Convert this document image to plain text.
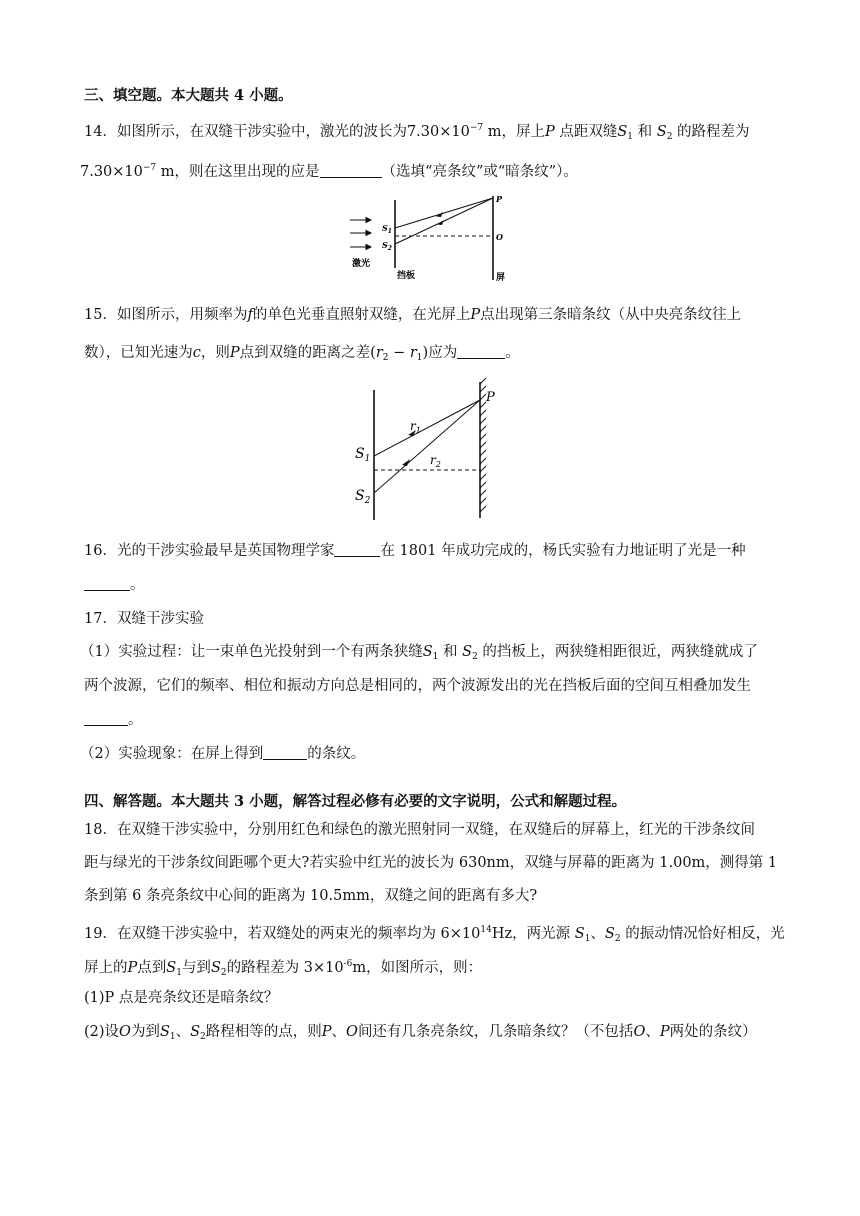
三、填空题。本大题共 4 小题。
14．如图所示，在双缝干涉实验中，激光的波长为$7.30\times 10^{-7}$ m，屏上P 点距双缝$S_1$ 和 $S_2$ 的路程差为
$7.30\times 10^{-7}$ m，则在这里出现的应是	（选填“亮条纹”或“暗条纹”）。
$S_1$
$S_2$
P
O
激光
挡板	屏
15．如图所示，用频率为f的单色光垂直照射双缝，在光屏上P点出现第三条暗条纹（从中央亮条纹往上
数），已知光速为c，则P点到双缝的距离之差$(r_2 - r_1)$应为	。
$S_1$
$S_2$
P
$r_1$
$r_2$
16．光的干涉实验最早是英国物理学家	在 1801 年成功完成的，杨氏实验有力地证明了光是一种
。
17．双缝干涉实验
（1）实验过程：让一束单色光投射到一个有两条狭缝$S_1$ 和 $S_2$ 的挡板上，两狭缝相距很近，两狭缝就成了
两个波源，它们的频率、相位和振动方向总是相同的，两个波源发出的光在挡板后面的空间互相叠加发生
。
（2）实验现象：在屏上得到	的条纹。
四、解答题。本大题共 3 小题，解答过程必修有必要的文字说明，公式和解题过程。
18．在双缝干涉实验中，分别用红色和绿色的激光照射同一双缝，在双缝后的屏幕上，红光的干涉条纹间
距与绿光的干涉条纹间距哪个更大?若实验中红光的波长为 630nm，双缝与屏幕的距离为 1.00m，测得第 1
条到第 6 条亮条纹中心间的距离为 10.5mm，双缝之间的距离有多大?
19．在双缝干涉实验中，若双缝处的两束光的频率均为 $6\times 10^{14}Hz$，两光源 $S_1$、$S_2$ 的振动情况恰好相反，光
屏上的P点到$S_1$与到$S_2$的路程差为 $3\times 10^{-6}m$，如图所示，则：
(1)P 点是亮条纹还是暗条纹？
(2)设O为到$S_1$、$S_2$路程相等的点，则P、O间还有几条亮条纹，几条暗条纹？（不包括O、P两处的条纹）
